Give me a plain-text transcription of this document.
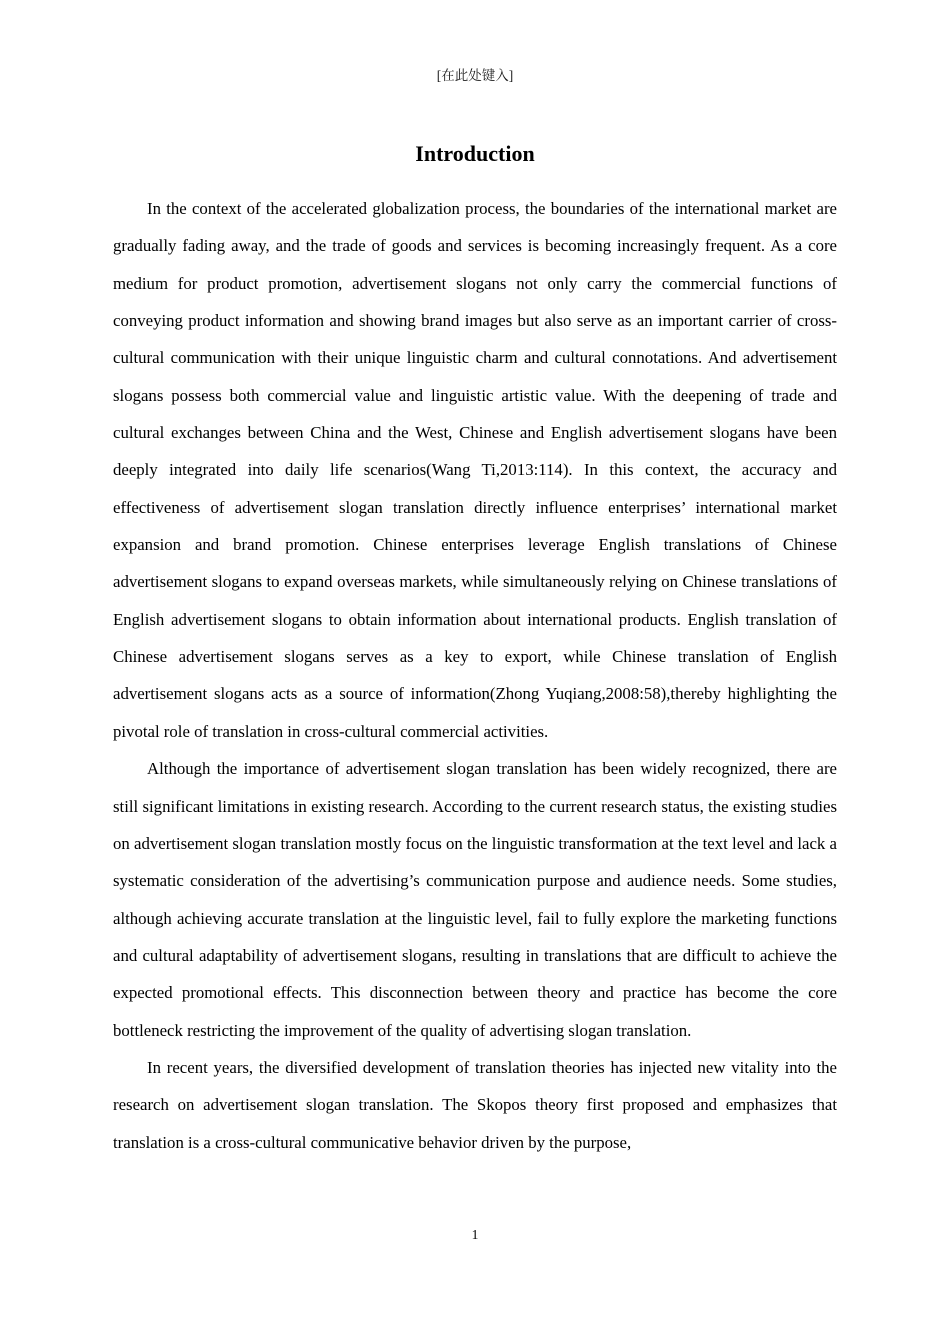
[在此处键入]
Introduction

In the context of the accelerated globalization process, the boundaries of the international market are gradually fading away, and the trade of goods and services is becoming increasingly frequent. As a core medium for product promotion, advertisement slogans not only carry the commercial functions of conveying product information and showing brand images but also serve as an important carrier of cross-cultural communication with their unique linguistic charm and cultural connotations. And advertisement slogans possess both commercial value and linguistic artistic value. With the deepening of trade and cultural exchanges between China and the West, Chinese and English advertisement slogans have been deeply integrated into daily life scenarios(Wang Ti,2013:114). In this context, the accuracy and effectiveness of advertisement slogan translation directly influence enterprises’ international market expansion and brand promotion. Chinese enterprises leverage English translations of Chinese advertisement slogans to expand overseas markets, while simultaneously relying on Chinese translations of English advertisement slogans to obtain information about international products. English translation of Chinese advertisement slogans serves as a key to export, while Chinese translation of English advertisement slogans acts as a source of information(Zhong Yuqiang,2008:58),thereby highlighting the pivotal role of translation in cross-cultural commercial activities.

Although the importance of advertisement slogan translation has been widely recognized, there are still significant limitations in existing research. According to the current research status, the existing studies on advertisement slogan translation mostly focus on the linguistic transformation at the text level and lack a systematic consideration of the advertising’s communication purpose and audience needs. Some studies, although achieving accurate translation at the linguistic level, fail to fully explore the marketing functions and cultural adaptability of advertisement slogans, resulting in translations that are difficult to achieve the expected promotional effects. This disconnection between theory and practice has become the core bottleneck restricting the improvement of the quality of advertising slogan translation.

In recent years, the diversified development of translation theories has injected new vitality into the research on advertisement slogan translation. The Skopos theory first proposed and emphasizes that translation is a cross-cultural communicative behavior driven by the purpose,

1
